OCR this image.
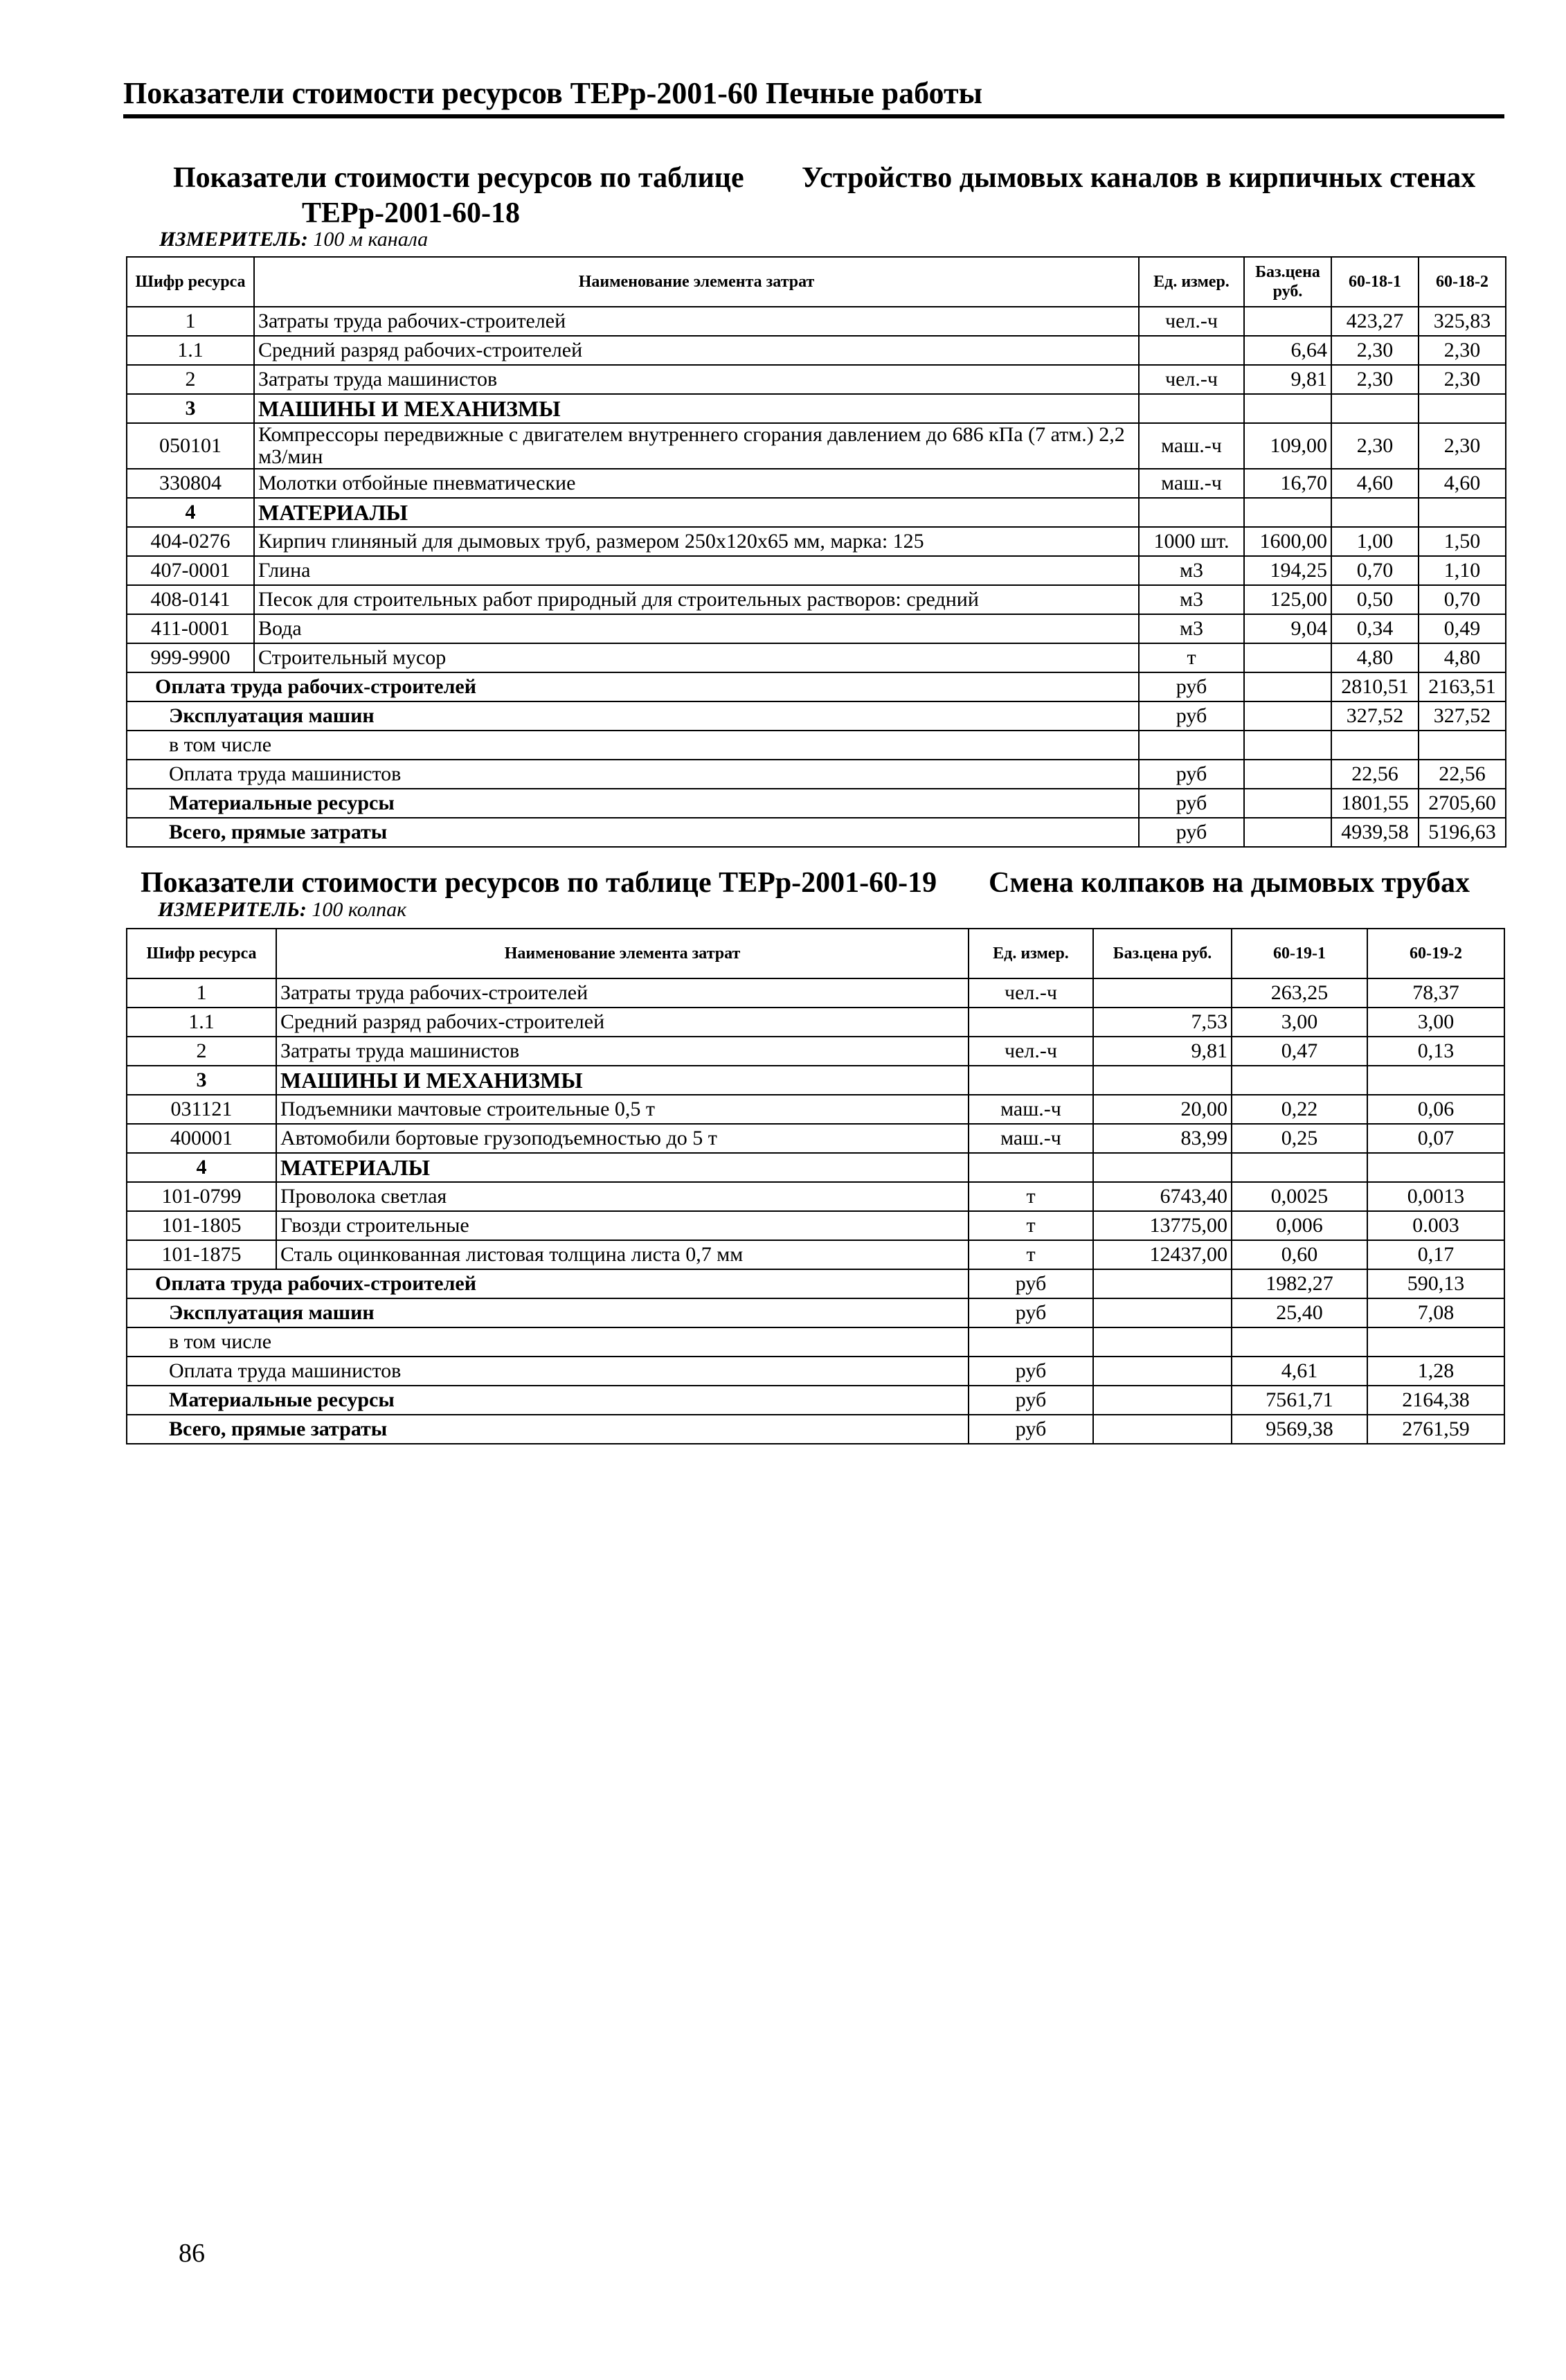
Показатели стоимости ресурсов ТЕРр-2001-60 Печные работы
Показатели стоимости ресурсов по таблице Устройство дымовых каналов в кирпичных стенах
ТЕРр-2001-60-18
ИЗМЕРИТЕЛЬ: 100 м канала
Шифр ресурса	Наименование элемента затрат	Ед. измер.	Баз.цена руб.	60-18-1	60-18-2
1	Затраты труда рабочих-строителей	чел.-ч		423,27	325,83
1.1	Средний разряд рабочих-строителей		6,64	2,30	2,30
2	Затраты труда машинистов	чел.-ч	9,81	2,30	2,30
3	МАШИНЫ И МЕХАНИЗМЫ				
050101	Компрессоры передвижные с двигателем внутреннего сгорания давлением до 686 кПа (7 атм.) 2,2 м3/мин	маш.-ч	109,00	2,30	2,30
330804	Молотки отбойные пневматические	маш.-ч	16,70	4,60	4,60
4	МАТЕРИАЛЫ				
404-0276	Кирпич глиняный для дымовых труб, размером 250x120x65 мм, марка: 125	1000 шт.	1600,00	1,00	1,50
407-0001	Глина	м3	194,25	0,70	1,10
408-0141	Песок для строительных работ природный для строительных растворов: средний	м3	125,00	0,50	0,70
411-0001	Вода	м3	9,04	0,34	0,49
999-9900	Строительный мусор	т		4,80	4,80
Оплата труда рабочих-строителей		руб		2810,51	2163,51
Эксплуатация машин		руб		327,52	327,52
в том числе					
Оплата труда машинистов		руб		22,56	22,56
Материальные ресурсы		руб		1801,55	2705,60
Всего, прямые затраты		руб		4939,58	5196,63
Показатели стоимости ресурсов по таблице ТЕРр-2001-60-19 Смена колпаков на дымовых трубах
ИЗМЕРИТЕЛЬ: 100 колпак
Шифр ресурса	Наименование элемента затрат	Ед. измер.	Баз.цена руб.	60-19-1	60-19-2
1	Затраты труда рабочих-строителей	чел.-ч		263,25	78,37
1.1	Средний разряд рабочих-строителей		7,53	3,00	3,00
2	Затраты труда машинистов	чел.-ч	9,81	0,47	0,13
3	МАШИНЫ И МЕХАНИЗМЫ				
031121	Подъемники мачтовые строительные 0,5 т	маш.-ч	20,00	0,22	0,06
400001	Автомобили бортовые грузоподъемностью до 5 т	маш.-ч	83,99	0,25	0,07
4	МАТЕРИАЛЫ				
101-0799	Проволока светлая	т	6743,40	0,0025	0,0013
101-1805	Гвозди строительные	т	13775,00	0,006	0.003
101-1875	Сталь оцинкованная листовая толщина листа 0,7 мм	т	12437,00	0,60	0,17
Оплата труда рабочих-строителей		руб		1982,27	590,13
Эксплуатация машин		руб		25,40	7,08
в том числе					
Оплата труда машинистов		руб		4,61	1,28
Материальные ресурсы		руб		7561,71	2164,38
Всего, прямые затраты		руб		9569,38	2761,59
86
